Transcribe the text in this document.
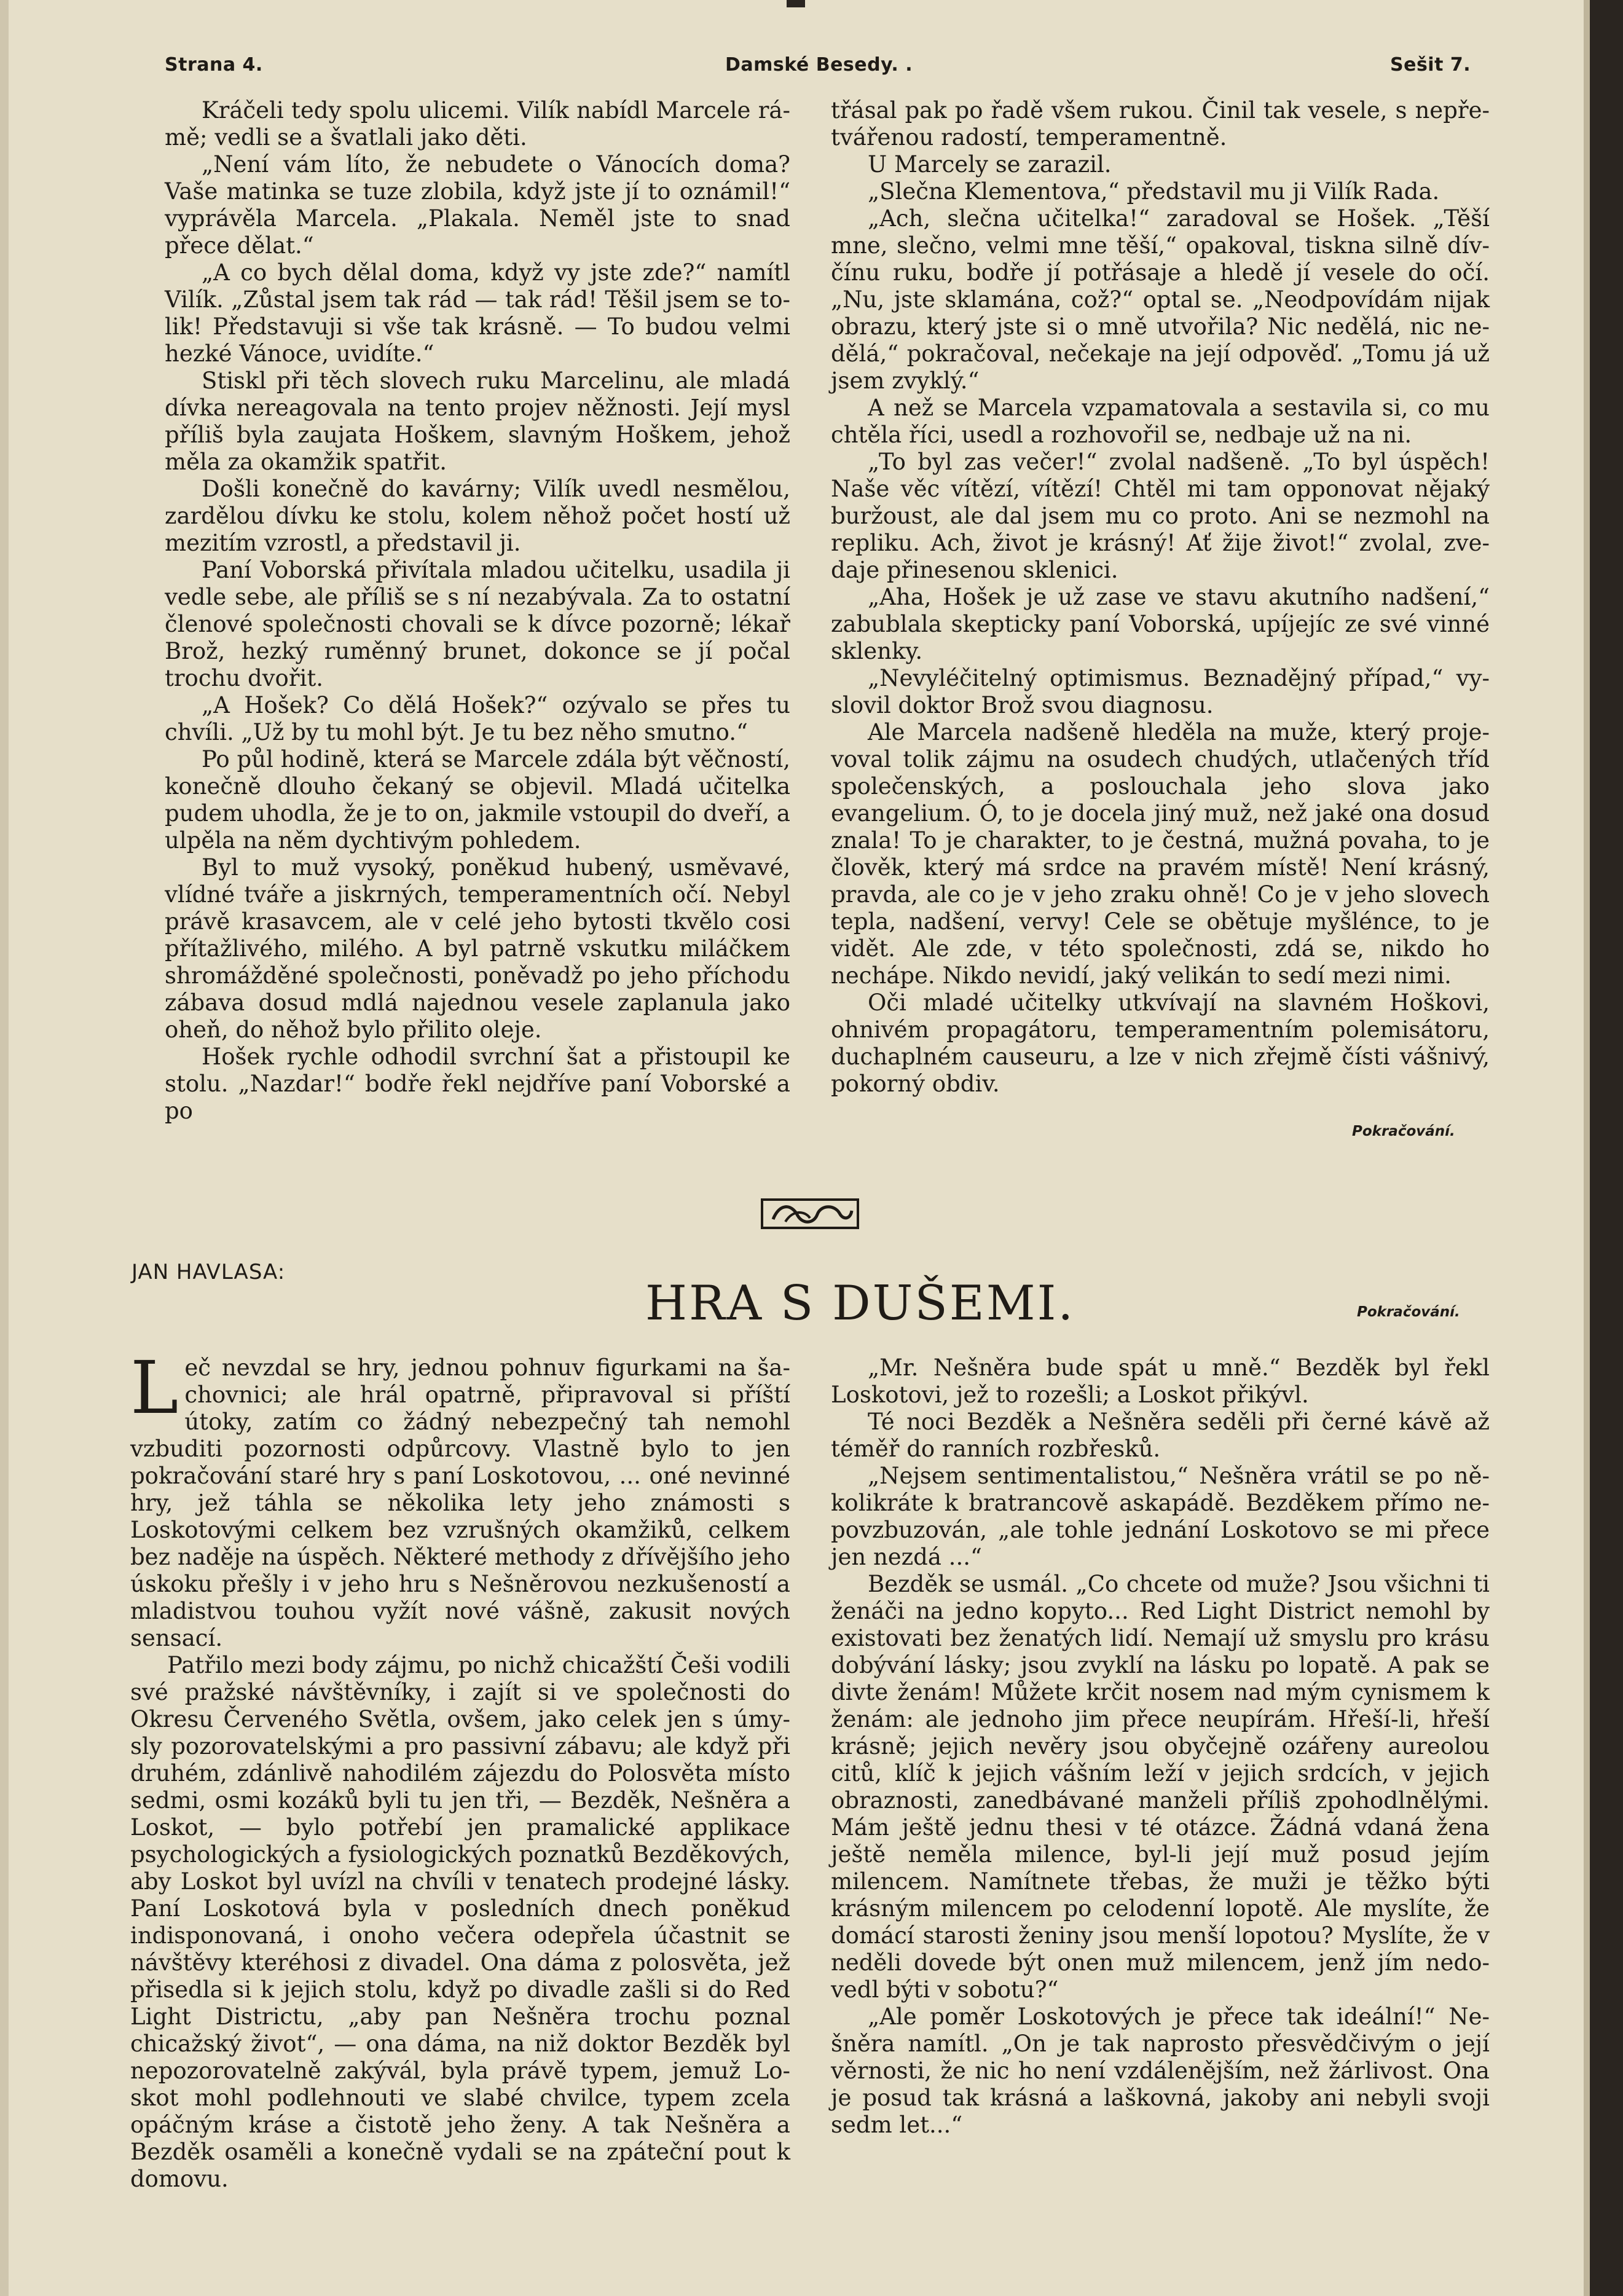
Strana 4.	Damské Besedy. .	Sešit 7.

Kráčeli tedy spolu ulicemi. Vilík nabídl Marcele rámě; vedli se a švatlali jako děti.

„Není vám líto, že nebudete o Vánocích doma? Vaše matinka se tuze zlobila, když jste jí to oznámil!“ vyprávěla Marcela. „Plakala. Neměl jste to snad přece dělat.“

„A co bych dělal doma, když vy jste zde?“ namítl Vilík. „Zůstal jsem tak rád — tak rád! Těšil jsem se tolik! Představuji si vše tak krásně. — To budou velmi hezké Vánoce, uvidíte.“

Stiskl při těch slovech ruku Marcelinu, ale mladá dívka nereagovala na tento projev něžnosti. Její mysl příliš byla zaujata Hoškem, slavným Hoškem, jehož měla za okamžik spatřit.

Došli konečně do kavárny; Vilík uvedl nesmělou, zardělou dívku ke stolu, kolem něhož počet hostí už mezitím vzrostl, a představil ji.

Paní Voborská přivítala mladou učitelku, usadila ji vedle sebe, ale příliš se s ní nezabývala. Za to ostatní členové společnosti chovali se k dívce pozorně; lékař Brož, hezký ruměnný brunet, dokonce se jí počal trochu dvořit.

„A Hošek? Co dělá Hošek?“ ozývalo se přes tu chvíli. „Už by tu mohl být. Je tu bez něho smutno.“

Po půl hodině, která se Marcele zdála být věčností, konečně dlouho čekaný se objevil. Mladá učitelka pudem uhodla, že je to on, jakmile vstoupil do dveří, a ulpěla na něm dychtivým pohledem.

Byl to muž vysoký, poněkud hubený, usměvavé, vlídné tváře a jiskrných, temperamentních očí. Nebyl právě krasavcem, ale v celé jeho bytosti tkvělo cosi přítažlivého, milého. A byl patrně vskutku miláčkem shromážděné společnosti, poněvadž po jeho příchodu zábava dosud mdlá najednou vesele zaplanula jako oheň, do něhož bylo přilito oleje.

Hošek rychle odhodil svrchní šat a přistoupil ke stolu. „Nazdar!“ bodře řekl nejdříve paní Voborské a po

třásal pak po řadě všem rukou. Činil tak vesele, s nepřetvářenou radostí, temperamentně.

U Marcely se zarazil.

„Slečna Klementova,“ představil mu ji Vilík Rada.

„Ach, slečna učitelka!“ zaradoval se Hošek. „Těší mne, slečno, velmi mne těší,“ opakoval, tiskna silně dívčínu ruku, bodře jí potřásaje a hledě jí vesele do očí. „Nu, jste sklamána, což?“ optal se. „Neodpovídám nijak obrazu, který jste si o mně utvořila? Nic nedělá, nic nedělá,“ pokračoval, nečekaje na její odpověď. „Tomu já už jsem zvyklý.“

A než se Marcela vzpamatovala a sestavila si, co mu chtěla říci, usedl a rozhovořil se, nedbaje už na ni.

„To byl zas večer!“ zvolal nadšeně. „To byl úspěch! Naše věc vítězí, vítězí! Chtěl mi tam opponovat nějaký buržoust, ale dal jsem mu co proto. Ani se nezmohl na repliku. Ach, život je krásný! Ať žije život!“ zvolal, zvedaje přinesenou sklenici.

„Aha, Hošek je už zase ve stavu akutního nadšení,“ zabublala skepticky paní Voborská, upíjejíc ze své vinné sklenky.

„Nevyléčitelný optimismus. Beznadějný případ,“ vyslovil doktor Brož svou diagnosu.

Ale Marcela nadšeně hleděla na muže, který projevoval tolik zájmu na osudech chudých, utlačených tříd společenských, a poslouchala jeho slova jako evangelium. Ó, to je docela jiný muž, než jaké ona dosud znala! To je charakter, to je čestná, mužná povaha, to je člověk, který má srdce na pravém místě! Není krásný, pravda, ale co je v jeho zraku ohně! Co je v jeho slovech tepla, nadšení, vervy! Cele se obětuje myšlénce, to je vidět. Ale zde, v této společnosti, zdá se, nikdo ho nechápe. Nikdo nevidí, jaký velikán to sedí mezi nimi.

Oči mladé učitelky utkvívají na slavném Hoškovi, ohnivém propagátoru, temperamentním polemisátoru, duchaplném causeuru, a lze v nich zřejmě čísti vášnivý, pokorný obdiv.

Pokračování.
JAN HAVLASA:
HRA S DUŠEMI.	Pokračování.

Leč nevzdal se hry, jednou pohnuv figurkami na šachovnici; ale hrál opatrně, připravoval si příští útoky, zatím co žádný nebezpečný tah nemohl vzbuditi pozornosti odpůrcovy. Vlastně bylo to jen pokračování staré hry s paní Loskotovou, ... oné nevinné hry, jež táhla se několika lety jeho známosti s Loskotovými celkem bez vzrušných okamžiků, celkem bez naděje na úspěch. Některé methody z dřívějšího jeho úskoku přešly i v jeho hru s Nešněrovou nezkušeností a mladistvou touhou vyžít nové vášně, zakusit nových sensací.

Patřilo mezi body zájmu, po nichž chicažští Češi vodili své pražské návštěvníky, i zajít si ve společnosti do Okresu Červeného Světla, ovšem, jako celek jen s úmysly pozorovatelskými a pro passivní zábavu; ale když při druhém, zdánlivě nahodilém zájezdu do Polosvěta místo sedmi, osmi kozáků byli tu jen tři, — Bezděk, Nešněra a Loskot, — bylo potřebí jen pramalické applikace psychologických a fysiologických poznatků Bezděkových, aby Loskot byl uvízl na chvíli v tenatech prodejné lásky. Paní Loskotová byla v posledních dnech poněkud indisponovaná, i onoho večera odepřela účastnit se návštěvy kteréhosi z divadel. Ona dáma z polosvěta, jež přisedla si k jejich stolu, když po divadle zašli si do Red Light Districtu, „aby pan Nešněra trochu poznal chicažský život“, — ona dáma, na niž doktor Bezděk byl nepozorovatelně zakývál, byla právě typem, jemuž Loskot mohl podlehnouti ve slabé chvilce, typem zcela opáčným kráse a čistotě jeho ženy. A tak Nešněra a Bezděk osaměli a konečně vydali se na zpáteční pout k domovu.

„Mr. Nešněra bude spát u mně.“ Bezděk byl řekl Loskotovi, jež to rozešli; a Loskot přikývl.

Té noci Bezděk a Nešněra seděli při černé kávě až téměř do ranních rozbřesků.

„Nejsem sentimentalistou,“ Nešněra vrátil se po několikráte k bratrancově askapádě. Bezděkem přímo nepovzbuzován, „ale tohle jednání Loskotovo se mi přece jen nezdá ...“

Bezděk se usmál. „Co chcete od muže? Jsou všichni ti ženáči na jedno kopyto... Red Light District nemohl by existovati bez ženatých lidí. Nemají už smyslu pro krásu dobývání lásky; jsou zvyklí na lásku po lopatě. A pak se divte ženám! Můžete krčit nosem nad mým cynismem k ženám: ale jednoho jim přece neupírám. Hřeší-li, hřeší krásně; jejich nevěry jsou obyčejně ozářeny aureolou citů, klíč k jejich vášním leží v jejich srdcích, v jejich obraznosti, zanedbávané manželi příliš zpohodlnělými. Mám ještě jednu thesi v té otázce. Žádná vdaná žena ještě neměla milence, byl-li její muž posud jejím milencem. Namítnete třebas, že muži je těžko býti krásným milencem po celodenní lopotě. Ale myslíte, že domácí starosti ženiny jsou menší lopotou? Myslíte, že v neděli dovede být onen muž milencem, jenž jím nedovedl býti v sobotu?“

„Ale poměr Loskotových je přece tak ideální!“ Nešněra namítl. „On je tak naprosto přesvědčivým o její věrnosti, že nic ho není vzdálenějším, než žárlivost. Ona je posud tak krásná a laškovná, jakoby ani nebyli svoji sedm let...“
